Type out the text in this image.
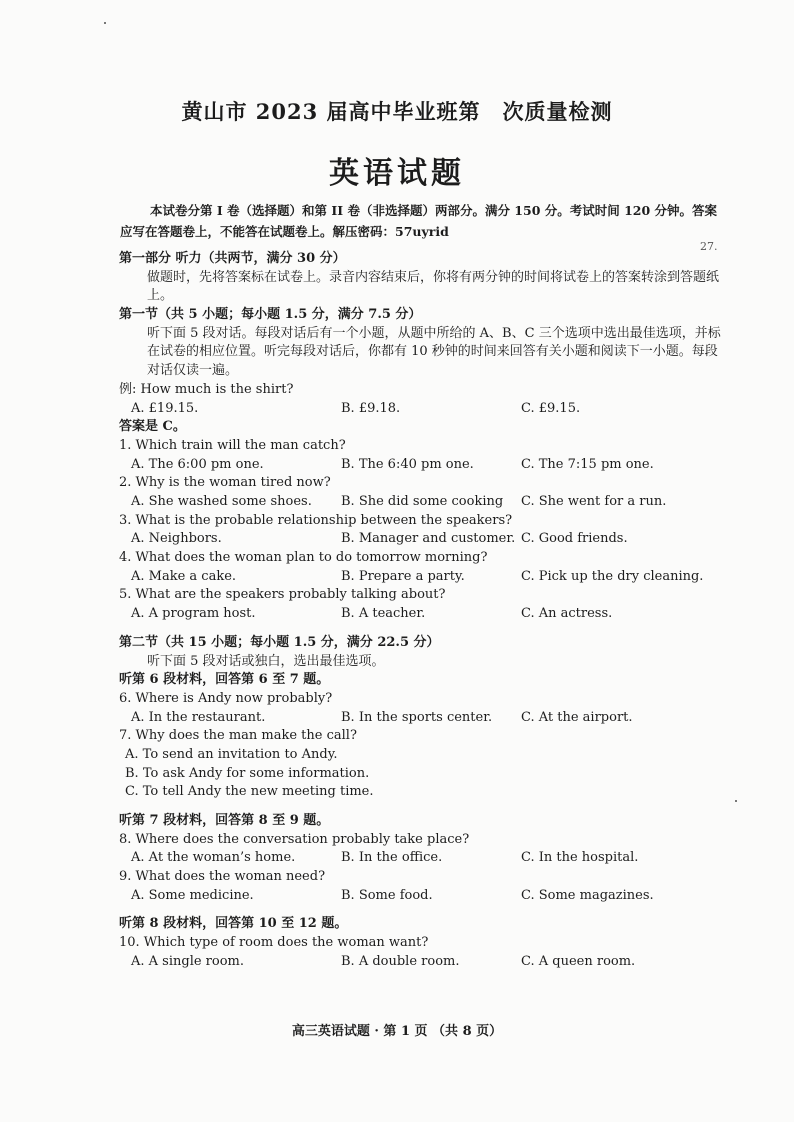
黄山市 2023 届高中毕业班第 次质量检测
英语试题
本试卷分第 I 卷（选择题）和第 II 卷（非选择题）两部分。满分 150 分。考试时间 120 分钟。答案应写在答题卷上，不能答在试题卷上。解压密码：57uyrid
27.
第一部分 听力（共两节，满分 30 分）
做题时，先将答案标在试卷上。录音内容结束后，你将有两分钟的时间将试卷上的答案转涂到答题纸上。
第一节（共 5 小题；每小题 1.5 分，满分 7.5 分）
听下面 5 段对话。每段对话后有一个小题，从题中所给的 A、B、C 三个选项中选出最佳选项，并标在试卷的相应位置。听完每段对话后，你都有 10 秒钟的时间来回答有关小题和阅读下一小题。每段对话仅读一遍。
例: How much is the shirt?
A. £19.15.	B. £9.18.	C. £9.15.
答案是 C。
1. Which train will the man catch?
A. The 6:00 pm one.	B. The 6:40 pm one.	C. The 7:15 pm one.
2. Why is the woman tired now?
A. She washed some shoes. B. She did some cooking C. She went for a run.
3. What is the probable relationship between the speakers?
A. Neighbors.	B. Manager and customer. C. Good friends.
4. What does the woman plan to do tomorrow morning?
A. Make a cake.	B. Prepare a party.	C. Pick up the dry cleaning.
5. What are the speakers probably talking about?
A. A program host.	B. A teacher.	C. An actress.
第二节（共 15 小题；每小题 1.5 分，满分 22.5 分）
听下面 5 段对话或独白，选出最佳选项。
听第 6 段材料，回答第 6 至 7 题。
6. Where is Andy now probably?
A. In the restaurant.	B. In the sports center. C. At the airport.
7. Why does the man make the call?
A. To send an invitation to Andy.
B. To ask Andy for some information.
C. To tell Andy the new meeting time.
听第 7 段材料，回答第 8 至 9 题。
8. Where does the conversation probably take place?
A. At the woman’s home.	B. In the office.	C. In the hospital.
9. What does the woman need?
A. Some medicine.	B. Some food.	C. Some magazines.
听第 8 段材料，回答第 10 至 12 题。
10. Which type of room does the woman want?
A. A single room.	B. A double room.	C. A queen room.
高三英语试题 · 第 1 页 （共 8 页）
